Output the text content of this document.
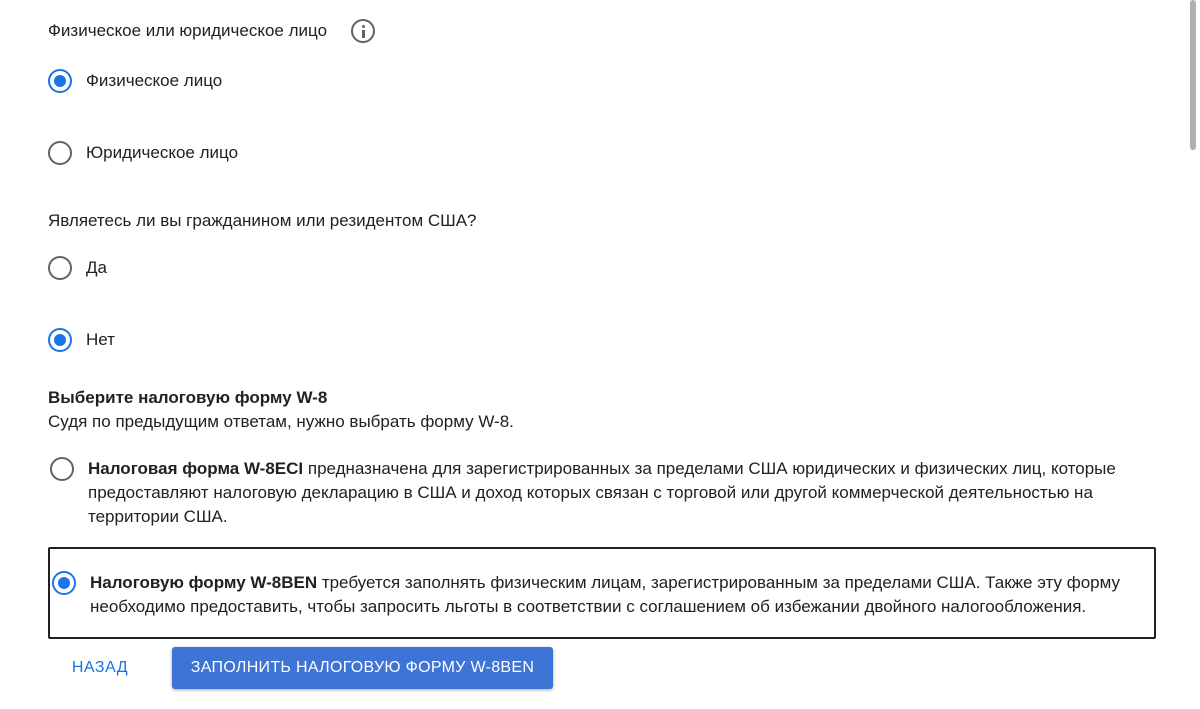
Физическое или юридическое лицо
Физическое лицо
Юридическое лицо
Являетесь ли вы гражданином или резидентом США?
Да
Нет
Выберите налоговую форму W-8
Судя по предыдущим ответам, нужно выбрать форму W-8.
Налоговая форма W-8ECI предназначена для зарегистрированных за пределами США юридических и физических лиц, которые предоставляют налоговую декларацию в США и доход которых связан с торговой или другой коммерческой деятельностью на территории США.
Налоговую форму W-8BEN требуется заполнять физическим лицам, зарегистрированным за пределами США. Также эту форму необходимо предоставить, чтобы запросить льготы в соответствии с соглашением об избежании двойного налогообложения.
НАЗАД	ЗАПОЛНИТЬ НАЛОГОВУЮ ФОРМУ W-8BEN
